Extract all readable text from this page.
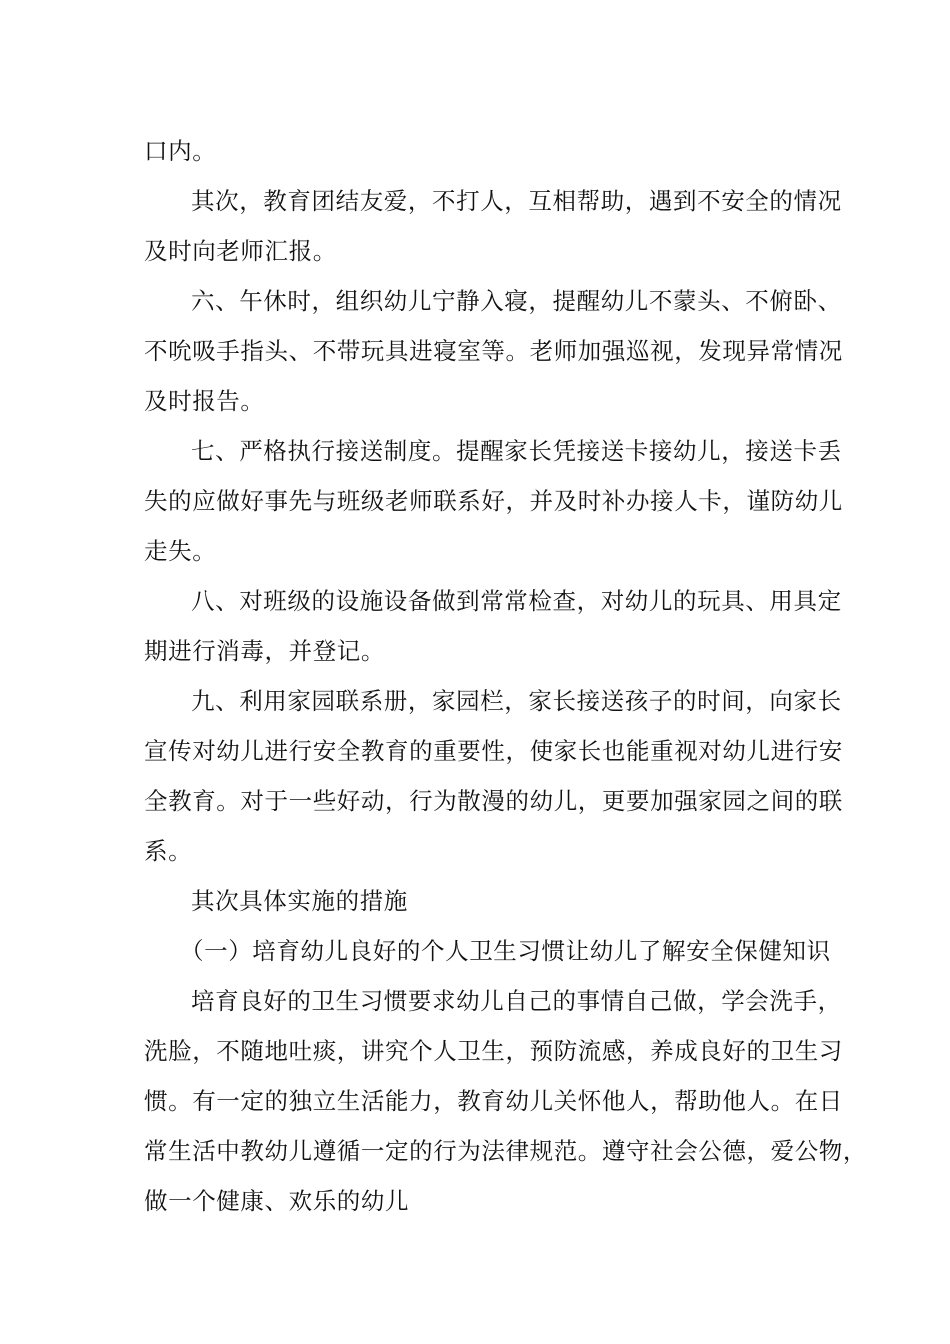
口内。
其次，教育团结友爱，不打人，互相帮助，遇到不安全的情况
及时向老师汇报。
六、午休时，组织幼儿宁静入寝，提醒幼儿不蒙头、不俯卧、
不吮吸手指头、不带玩具进寝室等。老师加强巡视，发现异常情况
及时报告。
七、严格执行接送制度。提醒家长凭接送卡接幼儿，接送卡丢
失的应做好事先与班级老师联系好，并及时补办接人卡，谨防幼儿
走失。
八、对班级的设施设备做到常常检查，对幼儿的玩具、用具定
期进行消毒，并登记。
九、利用家园联系册，家园栏，家长接送孩子的时间，向家长
宣传对幼儿进行安全教育的重要性，使家长也能重视对幼儿进行安
全教育。对于一些好动，行为散漫的幼儿，更要加强家园之间的联
系。
其次具体实施的措施
（一）培育幼儿良好的个人卫生习惯让幼儿了解安全保健知识
培育良好的卫生习惯要求幼儿自己的事情自己做，学会洗手，
洗脸，不随地吐痰，讲究个人卫生，预防流感，养成良好的卫生习
惯。有一定的独立生活能力，教育幼儿关怀他人，帮助他人。在日
常生活中教幼儿遵循一定的行为法律规范。遵守社会公德，爱公物，
做一个健康、欢乐的幼儿
